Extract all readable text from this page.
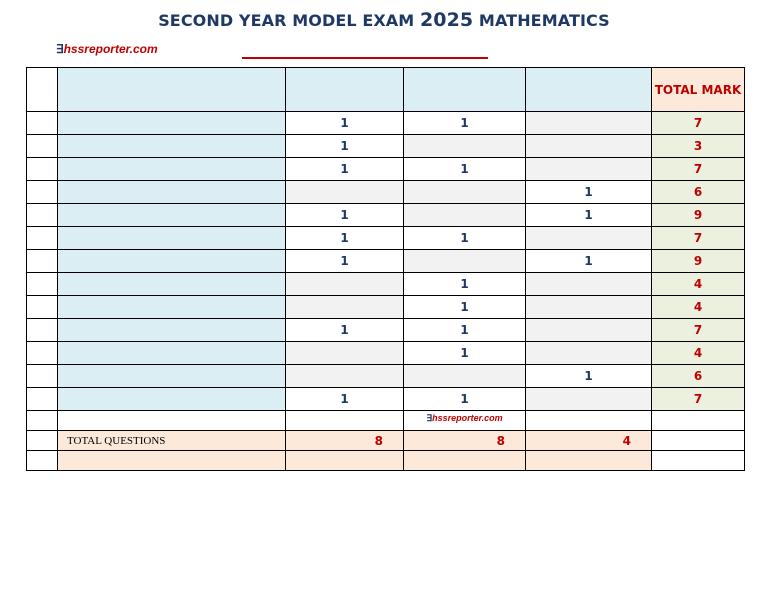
SECOND YEAR MODEL EXAM 2025 MATHEMATICS
∃hssreporter.com
					TOTAL MARK
		1	1		7
		1			3
		1	1		7
				1	6
		1		1	9
		1	1		7
		1		1	9
			1		4
			1		4
		1	1		7
			1		4
				1	6
		1	1		7
			∃hssreporter.com		
	TOTAL QUESTIONS	8	8	4	
